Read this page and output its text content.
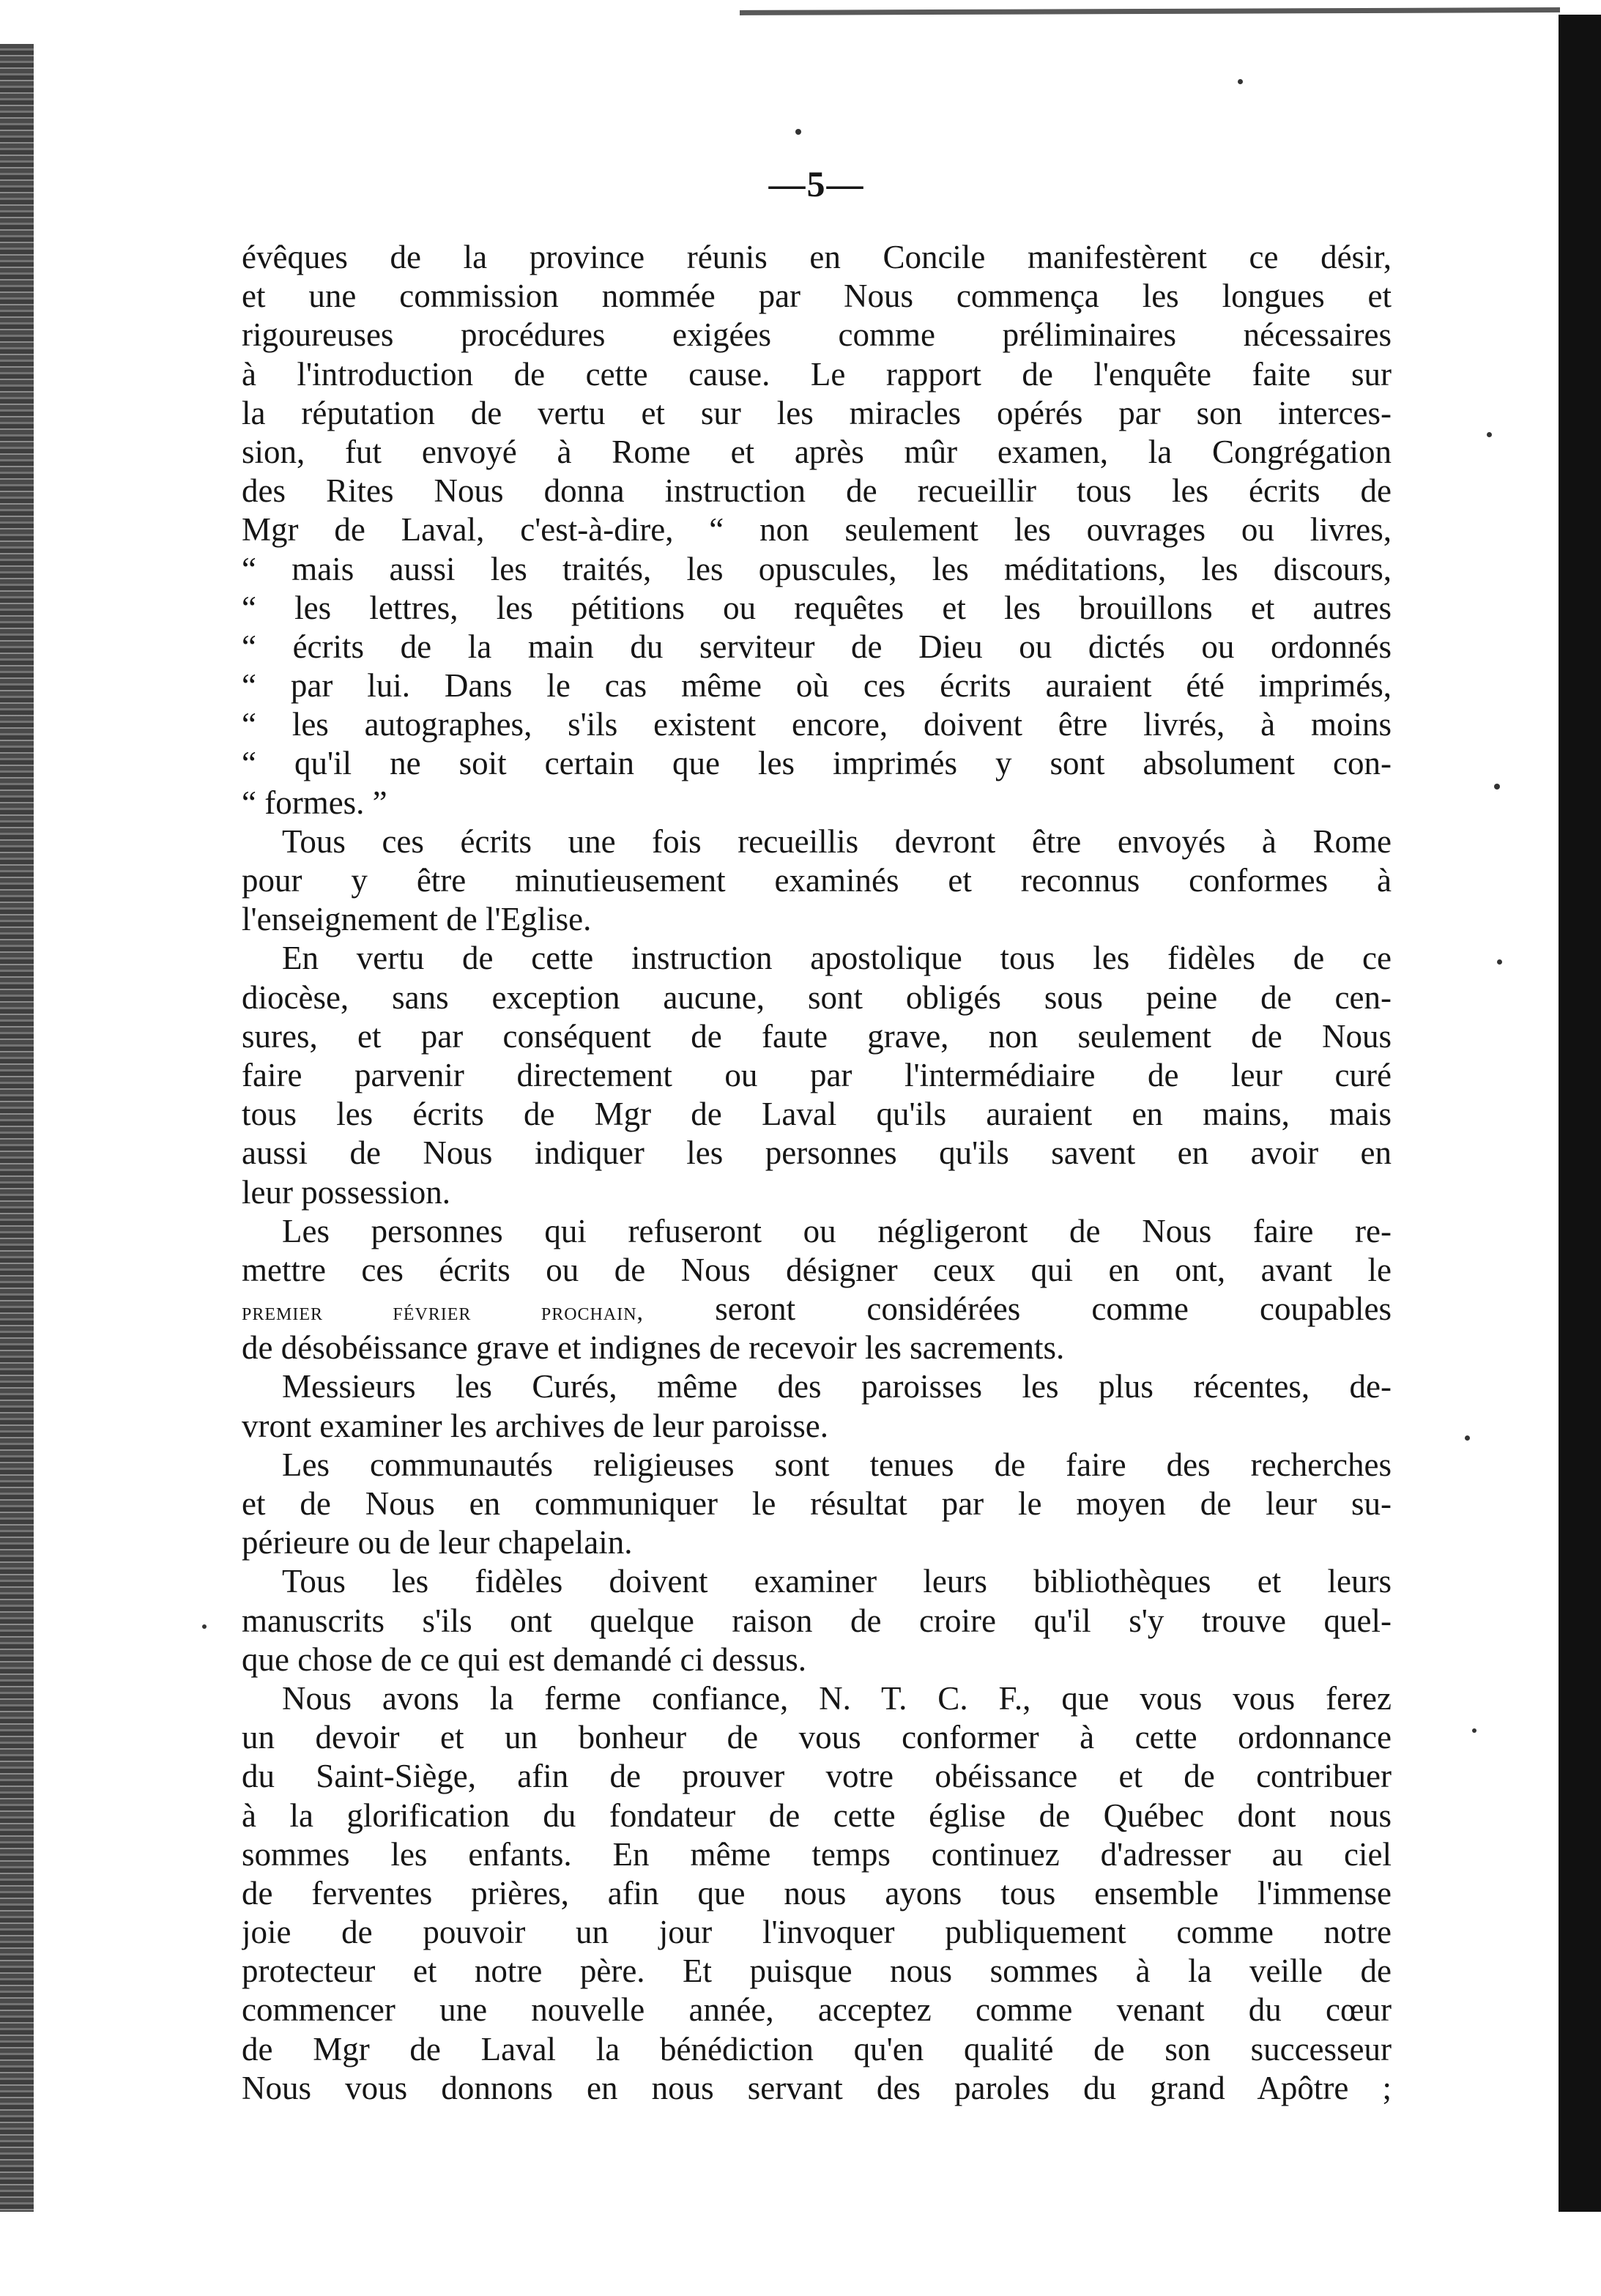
—5—
évêques de la province réunis en Concile manifestèrent ce désir,
et une commission nommée par Nous commença les longues et
rigoureuses procédures exigées comme préliminaires nécessaires
à l'introduction de cette cause. Le rapport de l'enquête faite sur
la réputation de vertu et sur les miracles opérés par son interces-
sion, fut envoyé à Rome et après mûr examen, la Congrégation
des Rites Nous donna instruction de recueillir tous les écrits de
Mgr de Laval, c'est-à-dire, “ non seulement les ouvrages ou livres,
“ mais aussi les traités, les opuscules, les méditations, les discours,
“ les lettres, les pétitions ou requêtes et les brouillons et autres
“ écrits de la main du serviteur de Dieu ou dictés ou ordonnés
“ par lui. Dans le cas même où ces écrits auraient été imprimés,
“ les autographes, s'ils existent encore, doivent être livrés, à moins
“ qu'il ne soit certain que les imprimés y sont absolument con-
“ formes. ”
Tous ces écrits une fois recueillis devront être envoyés à Rome
pour y être minutieusement examinés et reconnus conformes à
l'enseignement de l'Eglise.
En vertu de cette instruction apostolique tous les fidèles de ce
diocèse, sans exception aucune, sont obligés sous peine de cen-
sures, et par conséquent de faute grave, non seulement de Nous
faire parvenir directement ou par l'intermédiaire de leur curé
tous les écrits de Mgr de Laval qu'ils auraient en mains, mais
aussi de Nous indiquer les personnes qu'ils savent en avoir en
leur possession.
Les personnes qui refuseront ou négligeront de Nous faire re-
mettre ces écrits ou de Nous désigner ceux qui en ont, avant le
premier février prochain, seront considérées comme coupables
de désobéissance grave et indignes de recevoir les sacrements.
Messieurs les Curés, même des paroisses les plus récentes, de-
vront examiner les archives de leur paroisse.
Les communautés religieuses sont tenues de faire des recherches
et de Nous en communiquer le résultat par le moyen de leur su-
périeure ou de leur chapelain.
Tous les fidèles doivent examiner leurs bibliothèques et leurs
manuscrits s'ils ont quelque raison de croire qu'il s'y trouve quel-
que chose de ce qui est demandé ci dessus.
Nous avons la ferme confiance, N. T. C. F., que vous vous ferez
un devoir et un bonheur de vous conformer à cette ordonnance
du Saint-Siège, afin de prouver votre obéissance et de contribuer
à la glorification du fondateur de cette église de Québec dont nous
sommes les enfants. En même temps continuez d'adresser au ciel
de ferventes prières, afin que nous ayons tous ensemble l'immense
joie de pouvoir un jour l'invoquer publiquement comme notre
protecteur et notre père. Et puisque nous sommes à la veille de
commencer une nouvelle année, acceptez comme venant du cœur
de Mgr de Laval la bénédiction qu'en qualité de son successeur
Nous vous donnons en nous servant des paroles du grand Apôtre ;
